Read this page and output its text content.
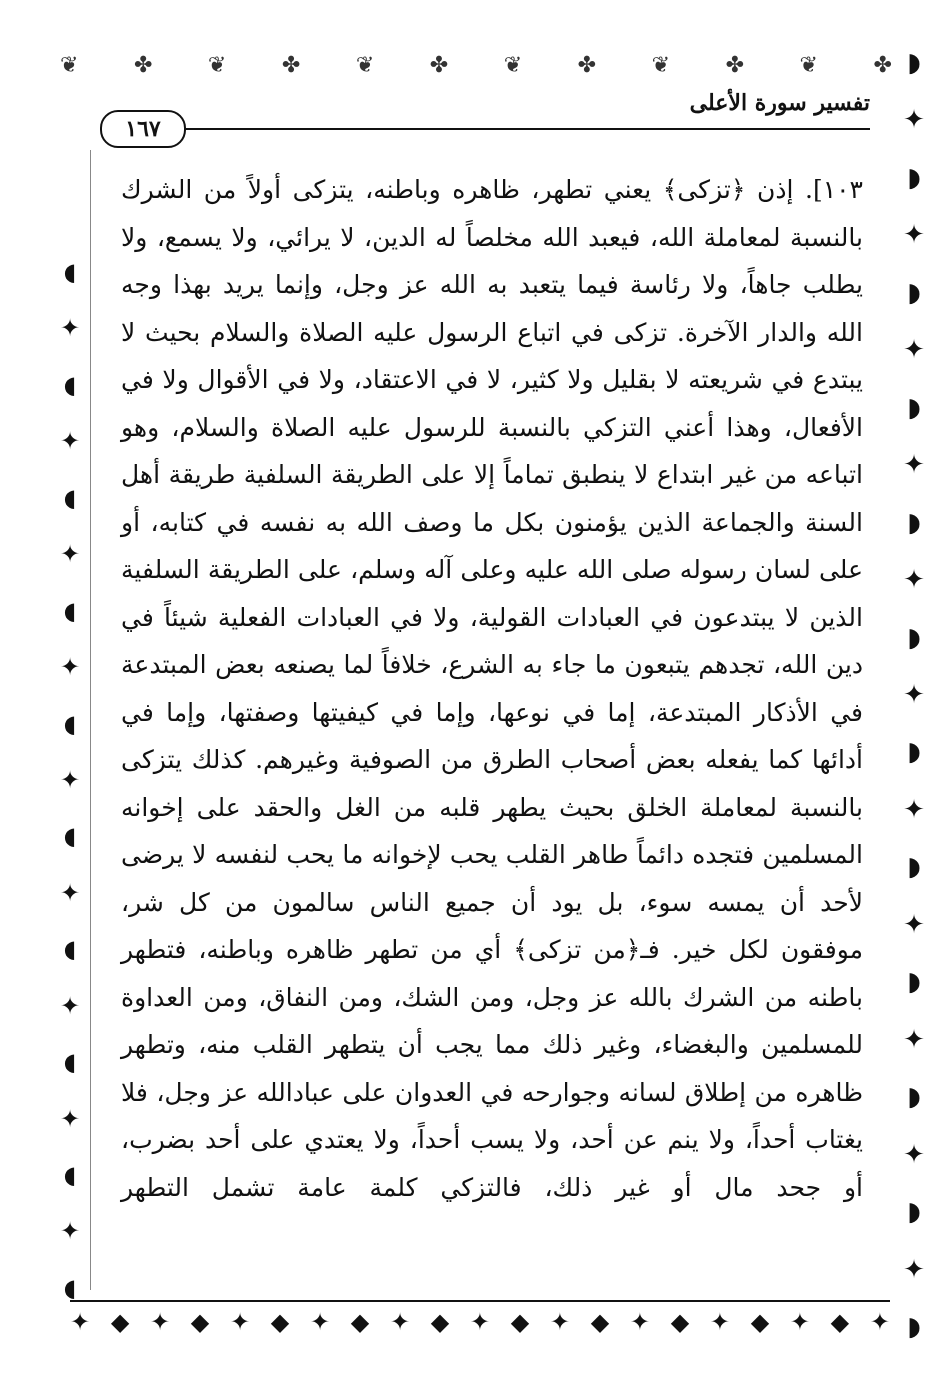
❦	✤	❦	✤	❦	✤	❦	✤	❦	✤	❦	✤ ◗
✦
◗
✦
◗
✦
◗
✦
◗
✦
◗
✦
◗
✦
◗
✦
◗
✦
◗
✦
◗
✦
◗
◖
✦
◖
✦
◖
✦
◖
✦
◖
✦
◖
✦
◖
✦
◖
✦
◖
✦
◖
✦ ◆ ✦ ◆ ✦ ◆ ✦ ◆ ✦ ◆ ✦ ◆ ✦ ◆ ✦ ◆ ✦ ◆ ✦ ◆ ✦
تفسير سورة الأعلى
١٦٧

١٠٣]. إذن ﴿تزكى﴾ يعني تطهر، ظاهره وباطنه، يتزكى أولاً من الشرك بالنسبة لمعاملة الله، فيعبد الله مخلصاً له الدين، لا يرائي، ولا يسمع، ولا يطلب جاهاً، ولا رئاسة فيما يتعبد به الله عز وجل، وإنما يريد بهذا وجه الله والدار الآخرة. تزكى في اتباع الرسول عليه الصلاة والسلام بحيث لا يبتدع في شريعته لا بقليل ولا كثير، لا في الاعتقاد، ولا في الأقوال ولا في الأفعال، وهذا أعني التزكي بالنسبة للرسول عليه الصلاة والسلام، وهو اتباعه من غير ابتداع لا ينطبق تماماً إلا على الطريقة السلفية طريقة أهل السنة والجماعة الذين يؤمنون بكل ما وصف الله به نفسه في كتابه، أو على لسان رسوله صلى الله عليه وعلى آله وسلم، على الطريقة السلفية الذين لا يبتدعون في العبادات القولية، ولا في العبادات الفعلية شيئاً في دين الله، تجدهم يتبعون ما جاء به الشرع، خلافاً لما يصنعه بعض المبتدعة في الأذكار المبتدعة، إما في نوعها، وإما في كيفيتها وصفتها، وإما في أدائها كما يفعله بعض أصحاب الطرق من الصوفية وغيرهم. كذلك يتزكى بالنسبة لمعاملة الخلق بحيث يطهر قلبه من الغل والحقد على إخوانه المسلمين فتجده دائماً طاهر القلب يحب لإخوانه ما يحب لنفسه لا يرضى لأحد أن يمسه سوء، بل يود أن جميع الناس سالمون من كل شر، موفقون لكل خير. فـ﴿من تزكى﴾ أي من تطهر ظاهره وباطنه، فتطهر باطنه من الشرك بالله عز وجل، ومن الشك، ومن النفاق، ومن العداوة للمسلمين والبغضاء، وغير ذلك مما يجب أن يتطهر القلب منه، وتطهر ظاهره من إطلاق لسانه وجوارحه في العدوان على عبادالله عز وجل، فلا يغتاب أحداً، ولا ينم عن أحد، ولا يسب أحداً، ولا يعتدي على أحد بضرب، أو جحد مال أو غير ذلك، فالتزكي كلمة عامة تشمل التطهر
